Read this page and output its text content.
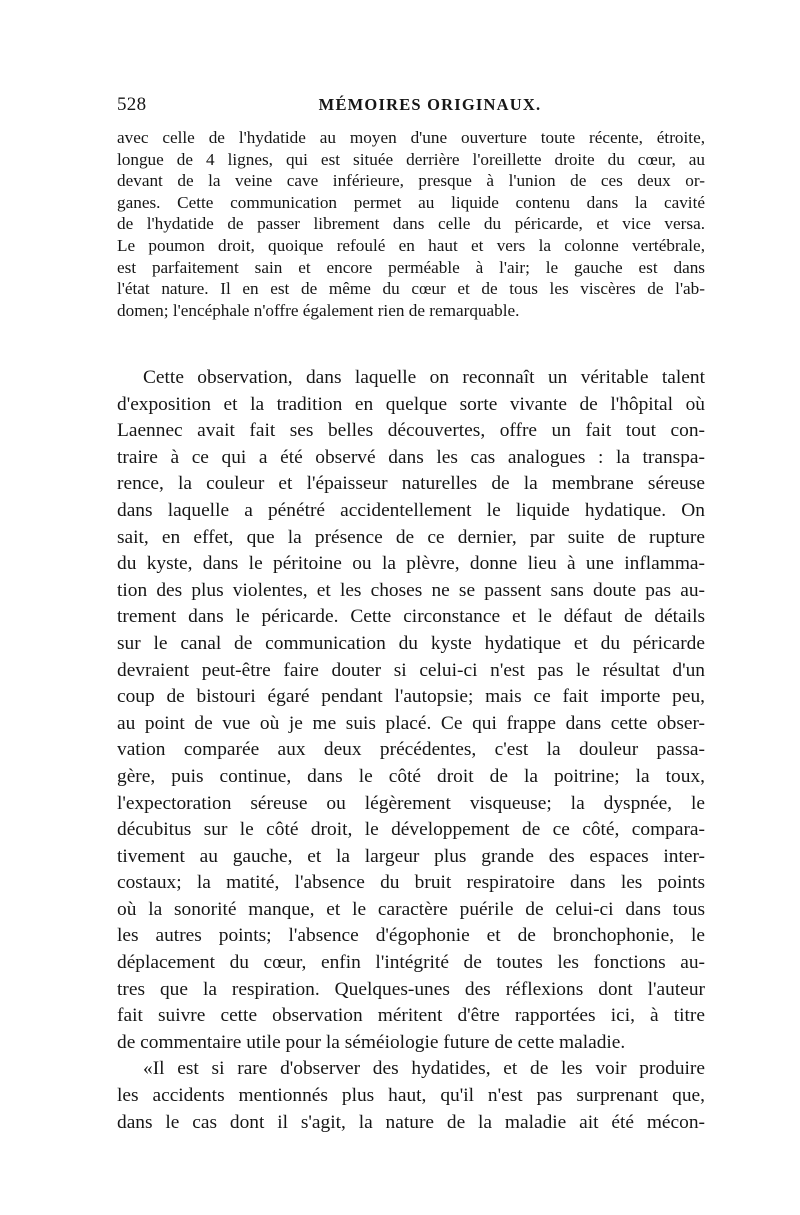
528	MÉMOIRES ORIGINAUX.
avec celle de l'hydatide au moyen d'une ouverture toute récente, étroite,
longue de 4 lignes, qui est située derrière l'oreillette droite du cœur, au
devant de la veine cave inférieure, presque à l'union de ces deux or-
ganes. Cette communication permet au liquide contenu dans la cavité
de l'hydatide de passer librement dans celle du péricarde, et vice versa.
Le poumon droit, quoique refoulé en haut et vers la colonne vertébrale,
est parfaitement sain et encore perméable à l'air; le gauche est dans
l'état nature. Il en est de même du cœur et de tous les viscères de l'ab-
domen; l'encéphale n'offre également rien de remarquable.
Cette observation, dans laquelle on reconnaît un véritable talent
d'exposition et la tradition en quelque sorte vivante de l'hôpital où
Laennec avait fait ses belles découvertes, offre un fait tout con-
traire à ce qui a été observé dans les cas analogues : la transpa-
rence, la couleur et l'épaisseur naturelles de la membrane séreuse
dans laquelle a pénétré accidentellement le liquide hydatique. On
sait, en effet, que la présence de ce dernier, par suite de rupture
du kyste, dans le péritoine ou la plèvre, donne lieu à une inflamma-
tion des plus violentes, et les choses ne se passent sans doute pas au-
trement dans le péricarde. Cette circonstance et le défaut de détails
sur le canal de communication du kyste hydatique et du péricarde
devraient peut-être faire douter si celui-ci n'est pas le résultat d'un
coup de bistouri égaré pendant l'autopsie; mais ce fait importe peu,
au point de vue où je me suis placé. Ce qui frappe dans cette obser-
vation comparée aux deux précédentes, c'est la douleur passa-
gère, puis continue, dans le côté droit de la poitrine; la toux,
l'expectoration séreuse ou légèrement visqueuse; la dyspnée, le
décubitus sur le côté droit, le développement de ce côté, compara-
tivement au gauche, et la largeur plus grande des espaces inter-
costaux; la matité, l'absence du bruit respiratoire dans les points
où la sonorité manque, et le caractère puérile de celui-ci dans tous
les autres points; l'absence d'égophonie et de bronchophonie, le
déplacement du cœur, enfin l'intégrité de toutes les fonctions au-
tres que la respiration. Quelques-unes des réflexions dont l'auteur
fait suivre cette observation méritent d'être rapportées ici, à titre
de commentaire utile pour la séméiologie future de cette maladie.
«Il est si rare d'observer des hydatides, et de les voir produire
les accidents mentionnés plus haut, qu'il n'est pas surprenant que,
dans le cas dont il s'agit, la nature de la maladie ait été mécon-
